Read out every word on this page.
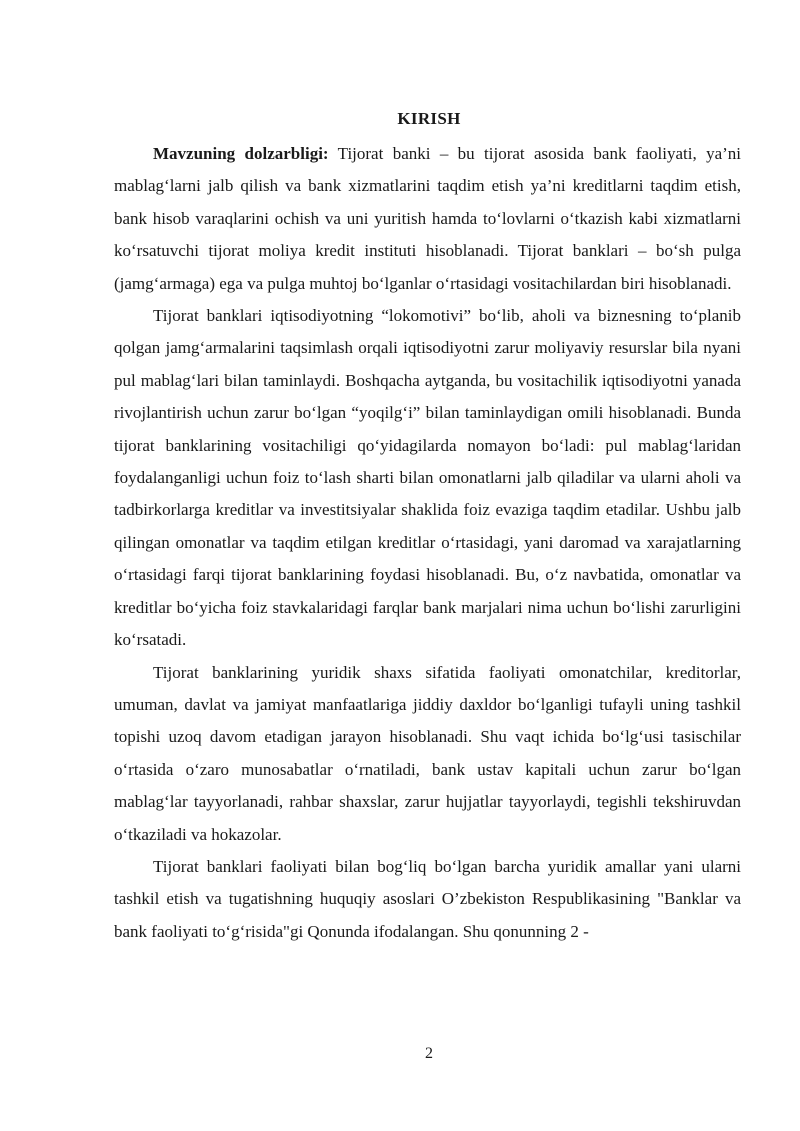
KIRISH

Mavzuning dolzarbligi: Tijorat banki – bu tijorat asosida bank faoliyati, ya’ni mablag‘larni jalb qilish va bank xizmatlarini taqdim etish ya’ni kreditlarni taqdim etish, bank hisob varaqlarini ochish va uni yuritish hamda to‘lovlarni o‘tkazish kabi xizmatlarni ko‘rsatuvchi tijorat moliya kredit instituti hisoblanadi. Tijorat banklari – bo‘sh pulga (jamg‘armaga) ega va pulga muhtoj bo‘lganlar o‘rtasidagi vositachilardan biri hisoblanadi.

Tijorat banklari iqtisodiyotning “lokomotivi” bo‘lib, aholi va biznesning to‘planib qolgan jamg‘armalarini taqsimlash orqali iqtisodiyotni zarur moliyaviy resurslar bila nyani pul mablag‘lari bilan taminlaydi. Boshqacha aytganda, bu vositachilik iqtisodiyotni yanada rivojlantirish uchun zarur bo‘lgan “yoqilg‘i” bilan taminlaydigan omili hisoblanadi. Bunda tijorat banklarining vositachiligi qo‘yidagilarda nomayon bo‘ladi: pul mablag‘laridan foydalanganligi uchun foiz to‘lash sharti bilan omonatlarni jalb qiladilar va ularni aholi va tadbirkorlarga kreditlar va investitsiyalar shaklida foiz evaziga taqdim etadilar. Ushbu jalb qilingan omonatlar va taqdim etilgan kreditlar o‘rtasidagi, yani daromad va xarajatlarning o‘rtasidagi farqi tijorat banklarining foydasi hisoblanadi. Bu, o‘z navbatida, omonatlar va kreditlar bo‘yicha foiz stavkalaridagi farqlar bank marjalari nima uchun bo‘lishi zarurligini ko‘rsatadi.

Tijorat banklarining yuridik shaxs sifatida faoliyati omonatchilar, kreditorlar, umuman, davlat va jamiyat manfaatlariga jiddiy daxldor bo‘lganligi tufayli uning tashkil topishi uzoq davom etadigan jarayon hisoblanadi. Shu vaqt ichida bo‘lg‘usi tasischilar o‘rtasida o‘zaro munosabatlar o‘rnatiladi, bank ustav kapitali uchun zarur bo‘lgan mablag‘lar tayyorlanadi, rahbar shaxslar, zarur hujjatlar tayyorlaydi, tegishli tekshiruvdan o‘tkaziladi va hokazolar.

Tijorat banklari faoliyati bilan bog‘liq bo‘lgan barcha yuridik amallar yani ularni tashkil etish va tugatishning huquqiy asoslari O’zbekiston Respublikasining "Banklar va bank faoliyati to‘g‘risida"gi Qonunda ifodalangan. Shu qonunning 2 -

2
